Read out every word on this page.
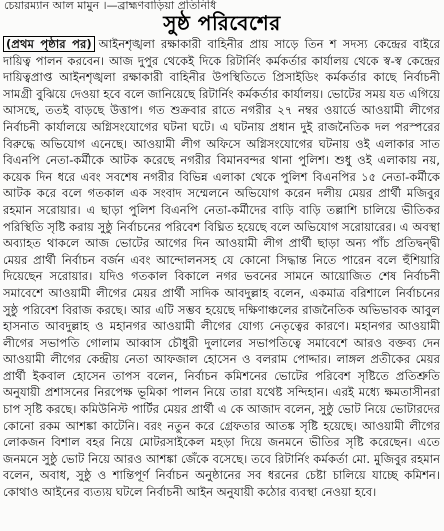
চেয়ারম্যান আল মামুন ।—ব্রাহ্মণবাড়িয়া প্রতিনিধি
সুষ্ঠ পরিবেশের

(প্রথম পৃষ্ঠার পর) আইনশৃঙ্খলা রক্ষাকারী বাহিনীর প্রায় সাড়ে তিন শ সদস্য কেন্দ্রের বাইরে দায়িত্ব পালন করবেন। আজ দুপুর থেকেই দিকে রিটার্নিং কর্মকর্তার কার্যালয় থেকে স্ব-স্ব কেন্দ্রের দায়িত্বপ্রাপ্ত আইনশৃঙ্খলা রক্ষাকারী বাহিনীর উপস্থিতিতে প্রিসাইডিং কর্মকর্তার কাছে নির্বাচনী সামগ্রী বুঝিয়ে দেওয়া হবে বলে জানিয়েছে রিটার্নিং কর্মকর্তার কার্যালয়। ভোটের সময় যত এগিয়ে আসছে, ততই বাড়ছে উত্তাপ। গত শুক্রবার রাতে নগরীর ২৭ নম্বর ওয়ার্ডে আওয়ামী লীগের নির্বাচনী কার্যালয়ে অগ্নিসংযোগের ঘটনা ঘটে। এ ঘটনায় প্রধান দুই রাজনৈতিক দল পরস্পরের বিরুদ্ধে অভিযোগ এনেছে। আওয়ামী লীগ অফিসে অগ্নিসংযোগের ঘটনায় ওই এলাকার সাত বিএনপি নেতা-কর্মীকে আটক করেছে নগরীর বিমানবন্দর থানা পুলিশ। শুধু ওই এলাকায় নয়, কয়েক দিন ধরে এবং সবশেষ নগরীর বিভিন্ন এলাকা থেকে পুলিশ বিএনপির ১৫ নেতা-কর্মীকে আটক করে বলে গতকাল এক সংবাদ সম্মেলনে অভিযোগ করেন দলীয় মেয়র প্রার্থী মজিবুর রহমান সরোয়ার। এ ছাড়া পুলিশ বিএনপি নেতা-কর্মীদের বাড়ি বাড়ি তল্লাশি চালিয়ে ভীতিকর পরিস্থিতি সৃষ্টি করায় সুষ্ঠু নির্বাচনের পরিবেশ বিঘ্নিত হয়েছে বলে অভিযোগ সরোয়ারের। এ অবস্থা অব্যাহত থাকলে আজ ভোটের আগের দিন আওয়ামী লীগ প্রার্থী ছাড়া অন্য পাঁচ প্রতিদ্বন্দ্বী মেয়র প্রার্থী নির্বাচন বর্জন এবং আন্দোলনসহ যে কোনো সিদ্ধান্ত নিতে পারেন বলে হুঁশিয়ারি দিয়েছেন সরোয়ার। যদিও গতকাল বিকালে নগর ভবনের সামনে আয়োজিত শেষ নির্বাচনী সমাবেশে আওয়ামী লীগের মেয়র প্রার্থী সাদিক আবদুল্লাহ বলেন, একমাত্র বরিশালে নির্বাচনের সুষ্ঠু পরিবেশ বিরাজ করছে। আর এটি সম্ভব হয়েছে দক্ষিণাঞ্চলের রাজনৈতিক অভিভাবক আবুল হাসনাত আবদুল্লাহ ও মহানগর আওয়ামী লীগের যোগ্য নেতৃত্বের কারণে। মহানগর আওয়ামী লীগের সভাপতি গোলাম আব্বাস চৌধুরী দুলালের সভাপতিত্বে সমাবেশে আরও বক্তব্য দেন আওয়ামী লীগের কেন্দ্রীয় নেতা আফজাল হোসেন ও বলরাম পোদ্দার। লাঙ্গল প্রতীকের মেয়র প্রার্থী ইকবাল হোসেন তাপস বলেন, নির্বাচন কমিশনের ভোটের পরিবেশ সৃষ্টিতে প্রতিশ্রুতি অনুযায়ী প্রশাসনের নিরপেক্ষ ভূমিকা পালন নিয়ে তারা যথেষ্ট সন্দিহান। এরই মধ্যে ক্ষমতাসীনরা চাপ সৃষ্টি করছে। কমিউনিস্ট পার্টির মেয়র প্রার্থী এ কে আজাদ বলেন, সুষ্ঠু ভোট নিয়ে ভোটারদের কোনো রকম আশঙ্কা কাটেনি। বরং নতুন করে গ্রেফতার আতঙ্ক সৃষ্টি হয়েছে। আওয়ামী লীগের লোকজন বিশাল বহর নিয়ে মোটরসাইকেল মহড়া দিয়ে জনমনে ভীতির সৃষ্টি করেছেন। এতে জনমনে সুষ্ঠু ভোট নিয়ে আরও আশঙ্কা জেঁকে বসেছে। তবে রিটার্নিং কর্মকর্তা মো. মুজিবুর রহমান বলেন, অবাধ, সুষ্ঠু ও শান্তিপূর্ণ নির্বাচন অনুষ্ঠানের সব ধরনের চেষ্টা চালিয়ে যাচ্ছে কমিশন। কোথাও আইনের ব্যত্যয় ঘটলে নির্বাচনী আইন অনুযায়ী কঠোর ব্যবস্থা নেওয়া হবে।
